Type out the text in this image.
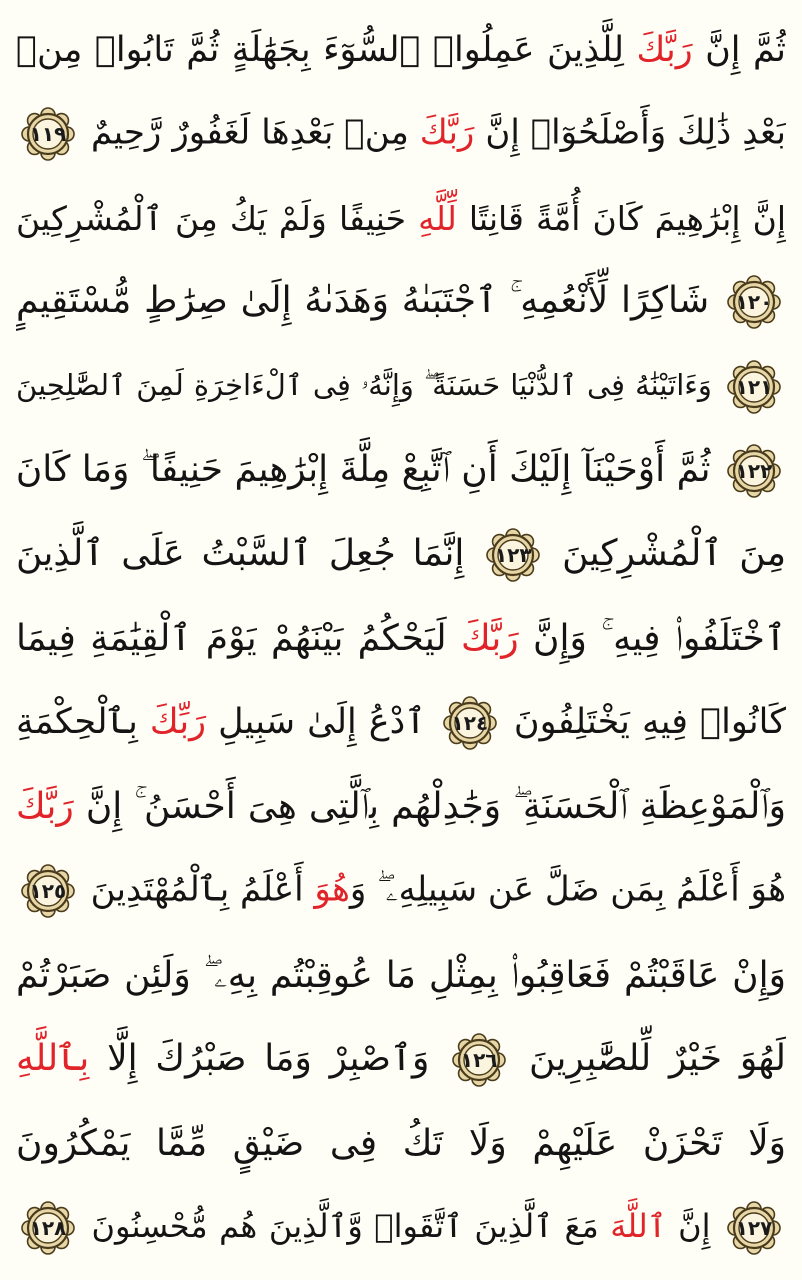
ثُمَّ إِنَّ رَبَّكَ لِلَّذِينَ عَمِلُوا۟ ٱلسُّوٓءَ بِجَهَٰلَةٍ ثُمَّ تَابُوا۟ مِنۢ
بَعْدِ ذَٰلِكَ وَأَصْلَحُوٓا۟ إِنَّ رَبَّكَ مِنۢ بَعْدِهَا لَغَفُورٌ رَّحِيمٌ
١١٩
إِنَّ إِبْرَٰهِيمَ كَانَ أُمَّةً قَانِتًا لِّلَّهِ حَنِيفًا وَلَمْ يَكُ مِنَ ٱلْمُشْرِكِينَ
١٢٠
شَاكِرًا لِّأَنْعُمِهِ ۚ ٱجْتَبَىٰهُ وَهَدَىٰهُ إِلَىٰ صِرَٰطٍ مُّسْتَقِيمٍ
١٢١
وَءَاتَيْنَٰهُ فِى ٱلدُّنْيَا حَسَنَةً ۖ وَإِنَّهُۥ فِى ٱلْءَاخِرَةِ لَمِنَ ٱلصَّٰلِحِينَ
١٢٢
ثُمَّ أَوْحَيْنَآ إِلَيْكَ أَنِ ٱتَّبِعْ مِلَّةَ إِبْرَٰهِيمَ حَنِيفًا ۖ وَمَا كَانَ
مِنَ ٱلْمُشْرِكِينَ
١٢٣
إِنَّمَا جُعِلَ ٱلسَّبْتُ عَلَى ٱلَّذِينَ
ٱخْتَلَفُوا۟ فِيهِ ۚ وَإِنَّ رَبَّكَ لَيَحْكُمُ بَيْنَهُمْ يَوْمَ ٱلْقِيَٰمَةِ فِيمَا
كَانُوا۟ فِيهِ يَخْتَلِفُونَ
١٢٤
ٱدْعُ إِلَىٰ سَبِيلِ رَبِّكَ بِٱلْحِكْمَةِ
وَٱلْمَوْعِظَةِ ٱلْحَسَنَةِ ۖ وَجَٰدِلْهُم بِٱلَّتِى هِىَ أَحْسَنُ ۚ إِنَّ رَبَّكَ
هُوَ أَعْلَمُ بِمَن ضَلَّ عَن سَبِيلِهِۦ ۖ وَهُوَ أَعْلَمُ بِٱلْمُهْتَدِينَ
١٢٥
وَإِنْ عَاقَبْتُمْ فَعَاقِبُوا۟ بِمِثْلِ مَا عُوقِبْتُم بِهِۦ ۖ وَلَئِن صَبَرْتُمْ
لَهُوَ خَيْرٌ لِّلصَّٰبِرِينَ
١٢٦
وَٱصْبِرْ وَمَا صَبْرُكَ إِلَّا بِٱللَّهِ
وَلَا تَحْزَنْ عَلَيْهِمْ وَلَا تَكُ فِى ضَيْقٍ مِّمَّا يَمْكُرُونَ
١٢٧
إِنَّ ٱللَّهَ مَعَ ٱلَّذِينَ ٱتَّقَوا۟ وَّٱلَّذِينَ هُم مُّحْسِنُونَ
١٢٨
